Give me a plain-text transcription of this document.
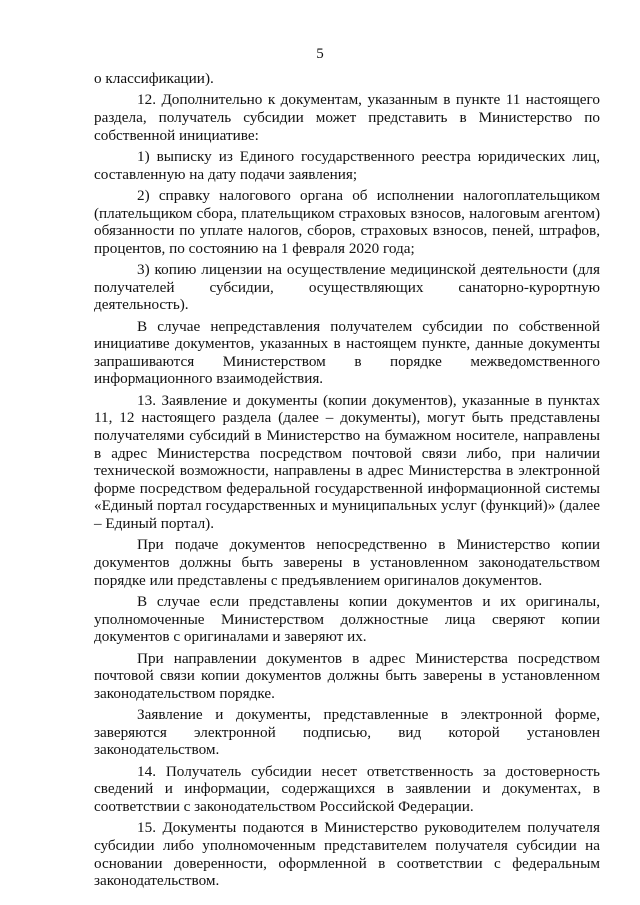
5

о классификации).

12. Дополнительно к документам, указанным в пункте 11 настоящего раздела, получатель субсидии может представить в Министерство по собственной инициативе:

1) выписку из Единого государственного реестра юридических лиц, составленную на дату подачи заявления;

2) справку налогового органа об исполнении налогоплательщиком (плательщиком сбора, плательщиком страховых взносов, налоговым агентом) обязанности по уплате налогов, сборов, страховых взносов, пеней, штрафов, процентов, по состоянию на 1 февраля 2020 года;

3) копию лицензии на осуществление медицинской деятельности (для получателей субсидии, осуществляющих санаторно-курортную деятельность).

В случае непредставления получателем субсидии по собственной инициативе документов, указанных в настоящем пункте, данные документы запрашиваются Министерством в порядке межведомственного информационного взаимодействия.

13. Заявление и документы (копии документов), указанные в пунктах 11, 12 настоящего раздела (далее – документы), могут быть представлены получателями субсидий в Министерство на бумажном носителе, направлены в адрес Министерства посредством почтовой связи либо, при наличии технической возможности, направлены в адрес Министерства в электронной форме посредством федеральной государственной информационной системы «Единый портал государственных и муниципальных услуг (функций)» (далее – Единый портал).

При подаче документов непосредственно в Министерство копии документов должны быть заверены в установленном законодательством порядке или представлены с предъявлением оригиналов документов.

В случае если представлены копии документов и их оригиналы, уполномоченные Министерством должностные лица сверяют копии документов с оригиналами и заверяют их.

При направлении документов в адрес Министерства посредством почтовой связи копии документов должны быть заверены в установленном законодательством порядке.

Заявление и документы, представленные в электронной форме, заверяются электронной подписью, вид которой установлен законодательством.

14. Получатель субсидии несет ответственность за достоверность сведений и информации, содержащихся в заявлении и документах, в соответствии с законодательством Российской Федерации.

15. Документы подаются в Министерство руководителем получателя субсидии либо уполномоченным представителем получателя субсидии на основании доверенности, оформленной в соответствии с федеральным законодательством.
